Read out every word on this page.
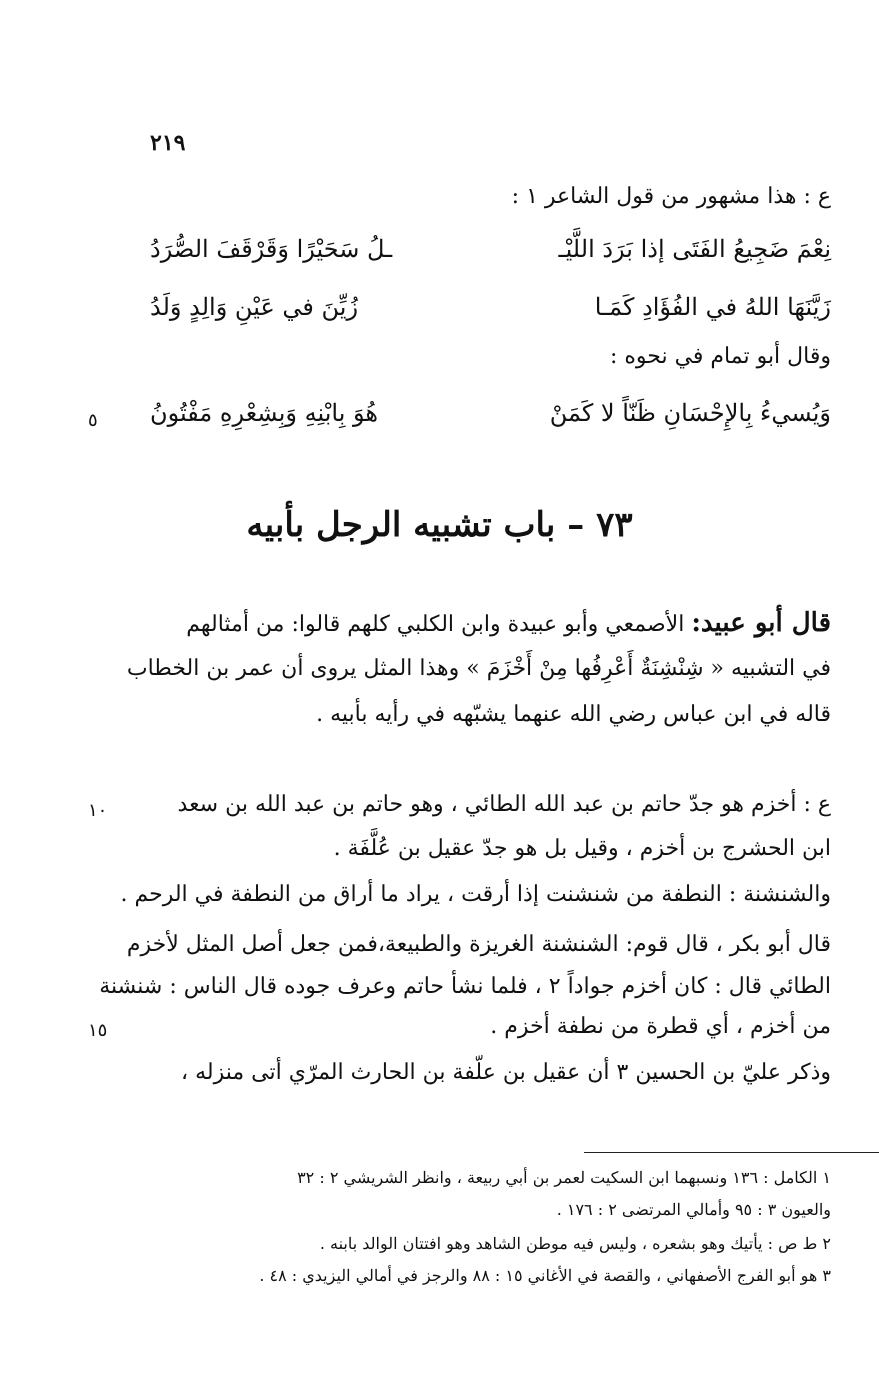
٢١٩
ع : هذا مشهور من قول الشاعر ١ :
نِعْمَ ضَجِيعُ الفَتَى إذا بَرَدَ اللَّيْـ
ـلُ سَحَيْرًا وَقَرْقَفَ الصُّرَدُ
زَيَّنَهَا اللهُ في الفُؤَادِ كَمَـا
زُيِّنَ في عَيْنِ وَالِدٍ وَلَدُ
وقال أبو تمام في نحوه :
وَيُسيءُ بِالإِحْسَانِ ظَنّاً لا كَمَنْ
هُوَ بِابْنِهِ وَبِشِعْرِهِ مَفْتُونُ
٥
٧٣ – باب تشبيه الرجل بأبيه
قال أبو عبيد: الأصمعي وأبو عبيدة وابن الكلبي كلهم قالوا: من أمثالهم
في التشبيه « شِنْشِنَةٌ أَعْرِفُها مِنْ أَخْزَمَ » وهذا المثل يروى أن عمر بن الخطاب
قاله في ابن عباس رضي الله عنهما يشبّهه في رأيه بأبيه .
ع : أخزم هو جدّ حاتم بن عبد الله الطائي ، وهو حاتم بن عبد الله بن سعد
١٠
ابن الحشرج بن أخزم ، وقيل بل هو جدّ عقيل بن عُلَّفَة .
والشنشنة : النطفة من شنشنت إذا أرقت ، يراد ما أراق من النطفة في الرحم .
قال أبو بكر ، قال قوم: الشنشنة الغريزة والطبيعة،فمن جعل أصل المثل لأخزم
الطائي قال : كان أخزم جواداً ٢ ، فلما نشأ حاتم وعرف جوده قال الناس : شنشنة
من أخزم ، أي قطرة من نطفة أخزم .
١٥
وذكر عليّ بن الحسين ٣ أن عقيل بن علّفة بن الحارث المرّي أتى منزله ،
١ الكامل : ١٣٦ ونسبهما ابن السكيت لعمر بن أبي ربيعة ، وانظر الشريشي ٢ : ٣٢
والعيون ٣ : ٩٥ وأمالي المرتضى ٢ : ١٧٦ .
٢ ط ص : يأتيك وهو بشعره ، وليس فيه موطن الشاهد وهو افتتان الوالد بابنه .
٣ هو أبو الفرج الأصفهاني ، والقصة في الأغاني ١٥ : ٨٨ والرجز في أمالي اليزيدي : ٤٨ .
